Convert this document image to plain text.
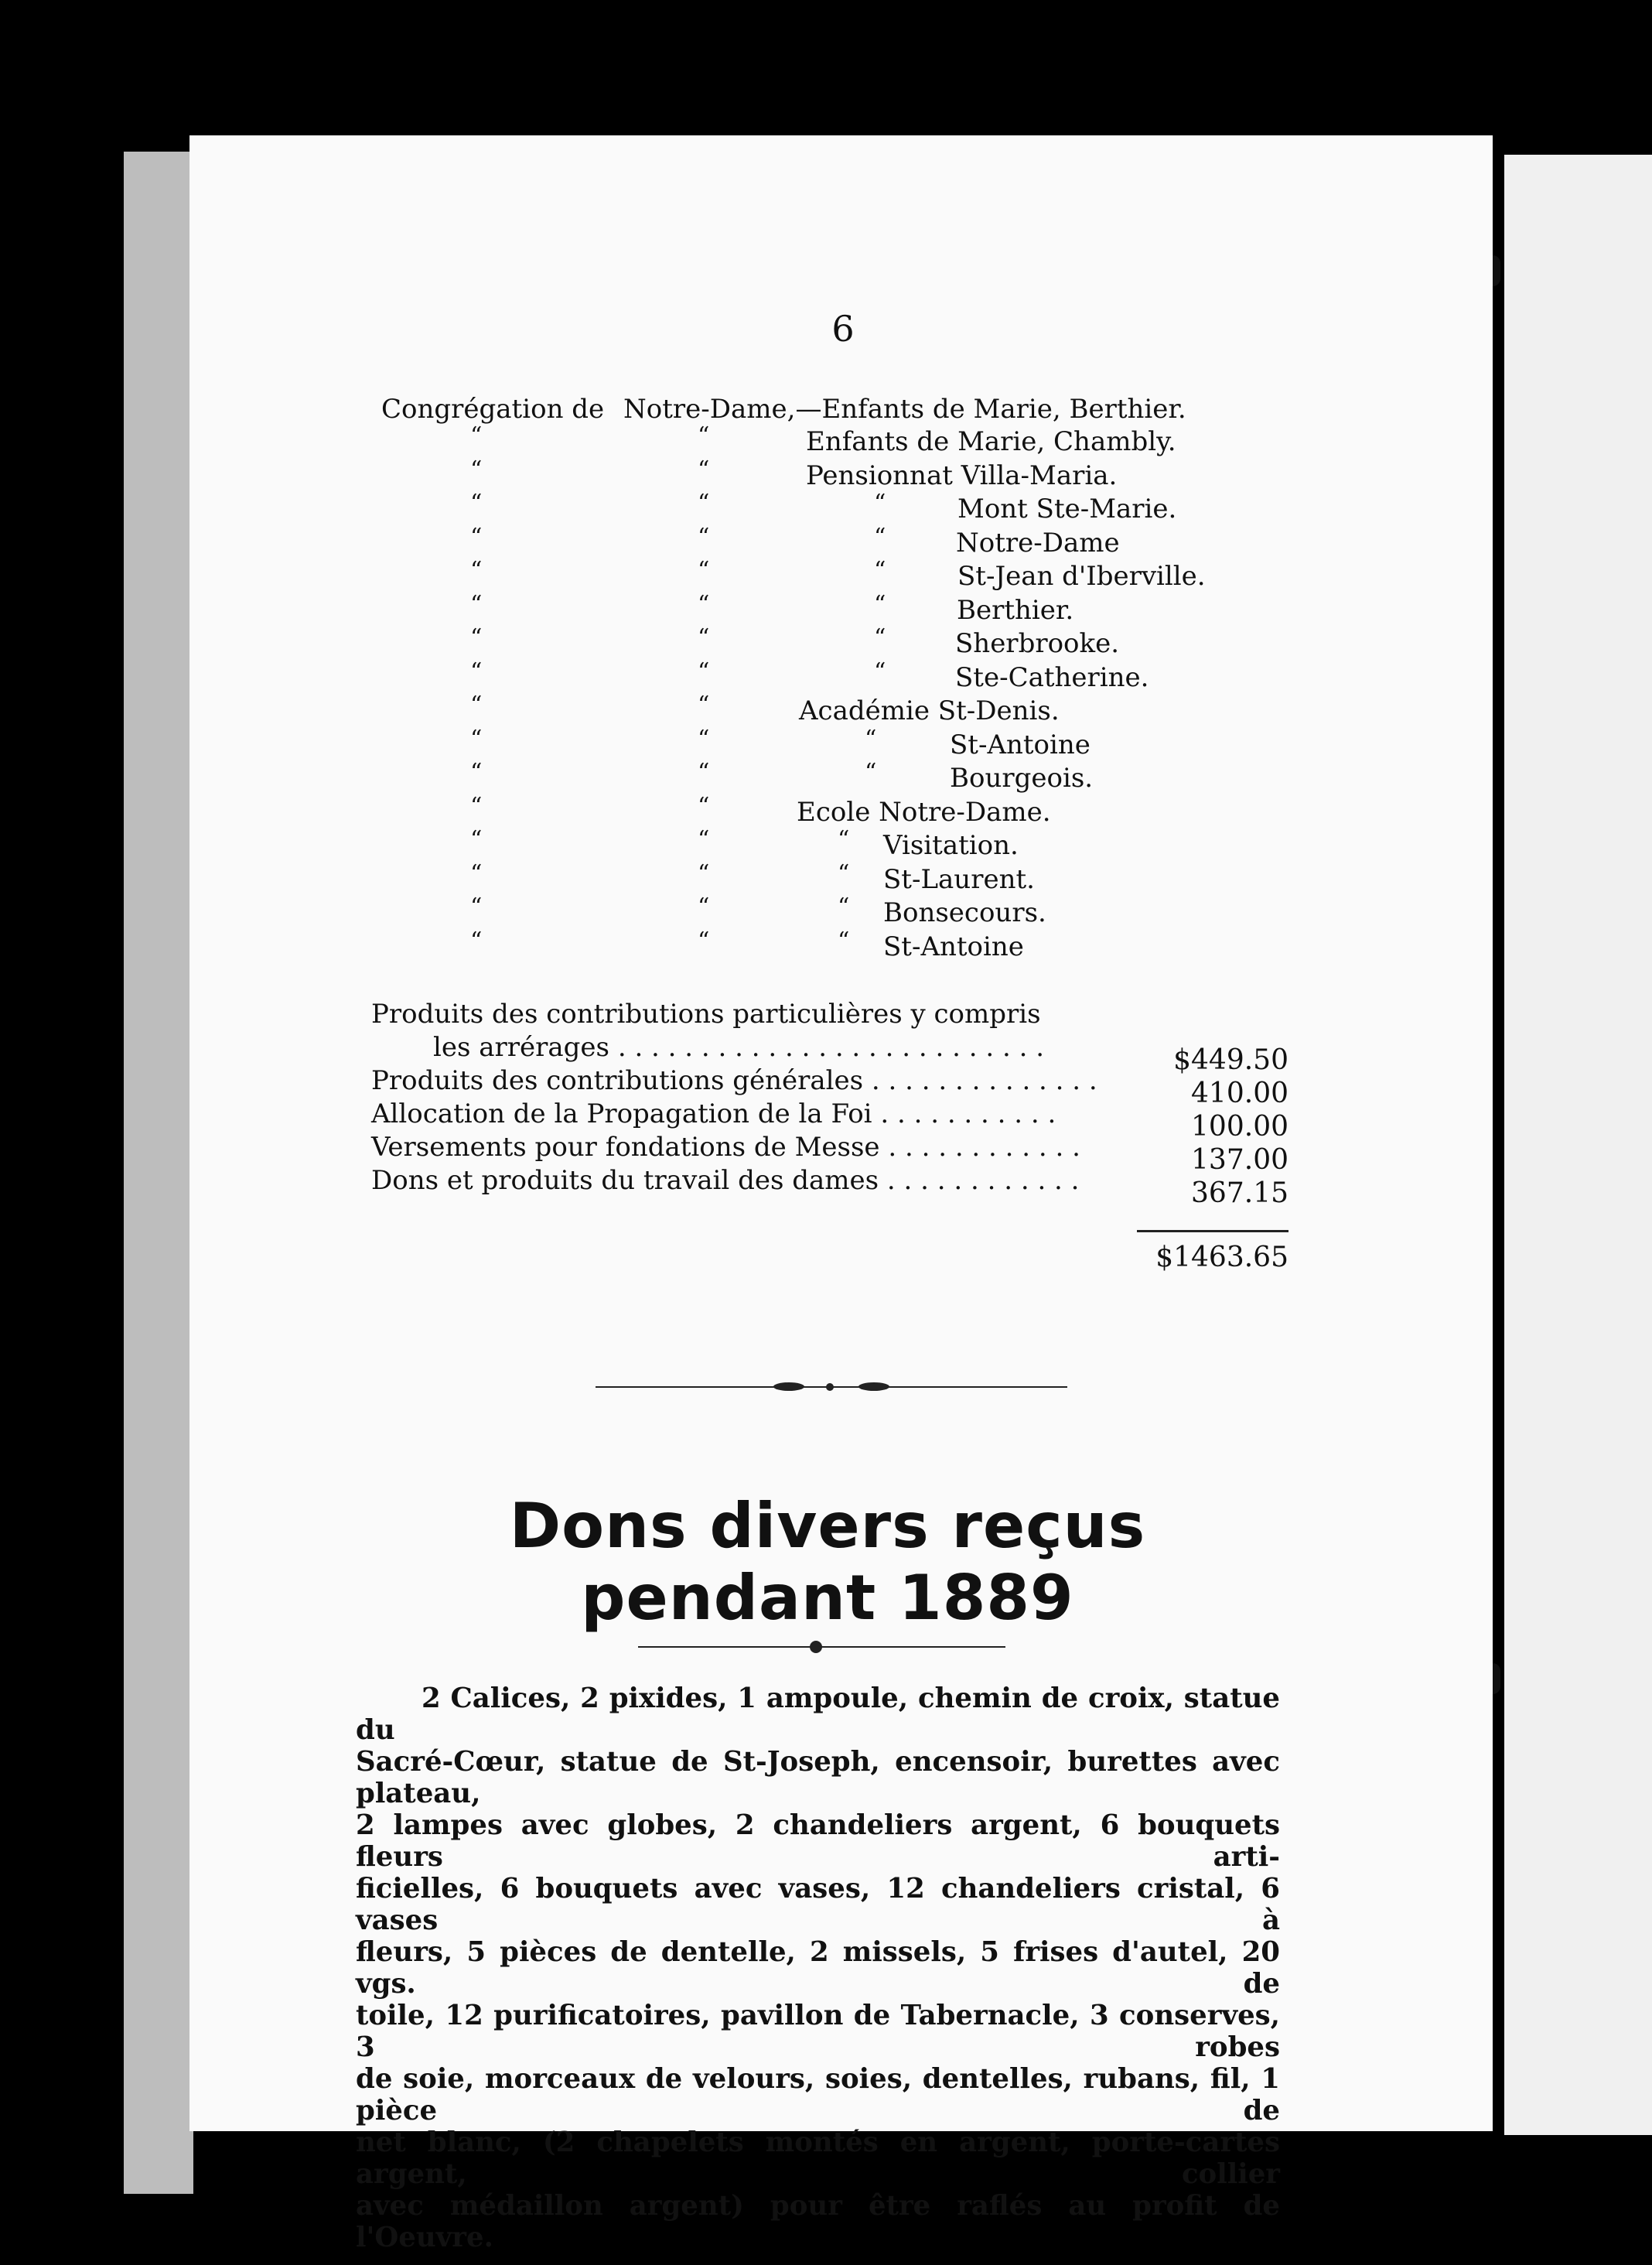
6
Congrégation de Notre-Dame,—Enfants de Marie, Berthier.
“	“	Enfants de Marie, Chambly.
“	“	Pensionnat Villa-Maria.
“	“	“	Mont Ste-Marie.
“	“	“	Notre-Dame
“	“	“	St-Jean d'Iberville.
“	“	“	Berthier.
“	“	“	Sherbrooke.
“	“	“	Ste-Catherine.
“	“	Académie St-Denis.
“	“	“	St-Antoine
“	“	“	Bourgeois.
“	“	Ecole Notre-Dame.
“	“	“ Visitation.
“	“	“ St-Laurent.
“	“	“ Bonsecours.
“	“	“ St-Antoine
Produits des contributions particulières y compris
les arrérages . . . . . . . . . . . . . . . . . . . . . . . . . .	$449.50
Produits des contributions générales . . . . . . . . . . . . . .	410.00
Allocation de la Propagation de la Foi . . . . . . . . . . .	100.00
Versements pour fondations de Messe . . . . . . . . . . . .	137.00
Dons et produits du travail des dames . . . . . . . . . . . .	367.15
$1463.65
Dons divers reçus pendant 1889
2 Calices, 2 pixides, 1 ampoule, chemin de croix, statue du
Sacré-Cœur, statue de St-Joseph, encensoir, burettes avec plateau,
2 lampes avec globes, 2 chandeliers argent, 6 bouquets fleurs arti-
ficielles, 6 bouquets avec vases, 12 chandeliers cristal, 6 vases à
fleurs, 5 pièces de dentelle, 2 missels, 5 frises d'autel, 20 vgs. de
toile, 12 purificatoires, pavillon de Tabernacle, 3 conserves, 3 robes
de soie, morceaux de velours, soies, dentelles, rubans, fil, 1 pièce de
net blanc, (2 chapelets montés en argent, porte-cartes argent, collier
avec médaillon argent) pour être raflés au profit de l'Oeuvre.
